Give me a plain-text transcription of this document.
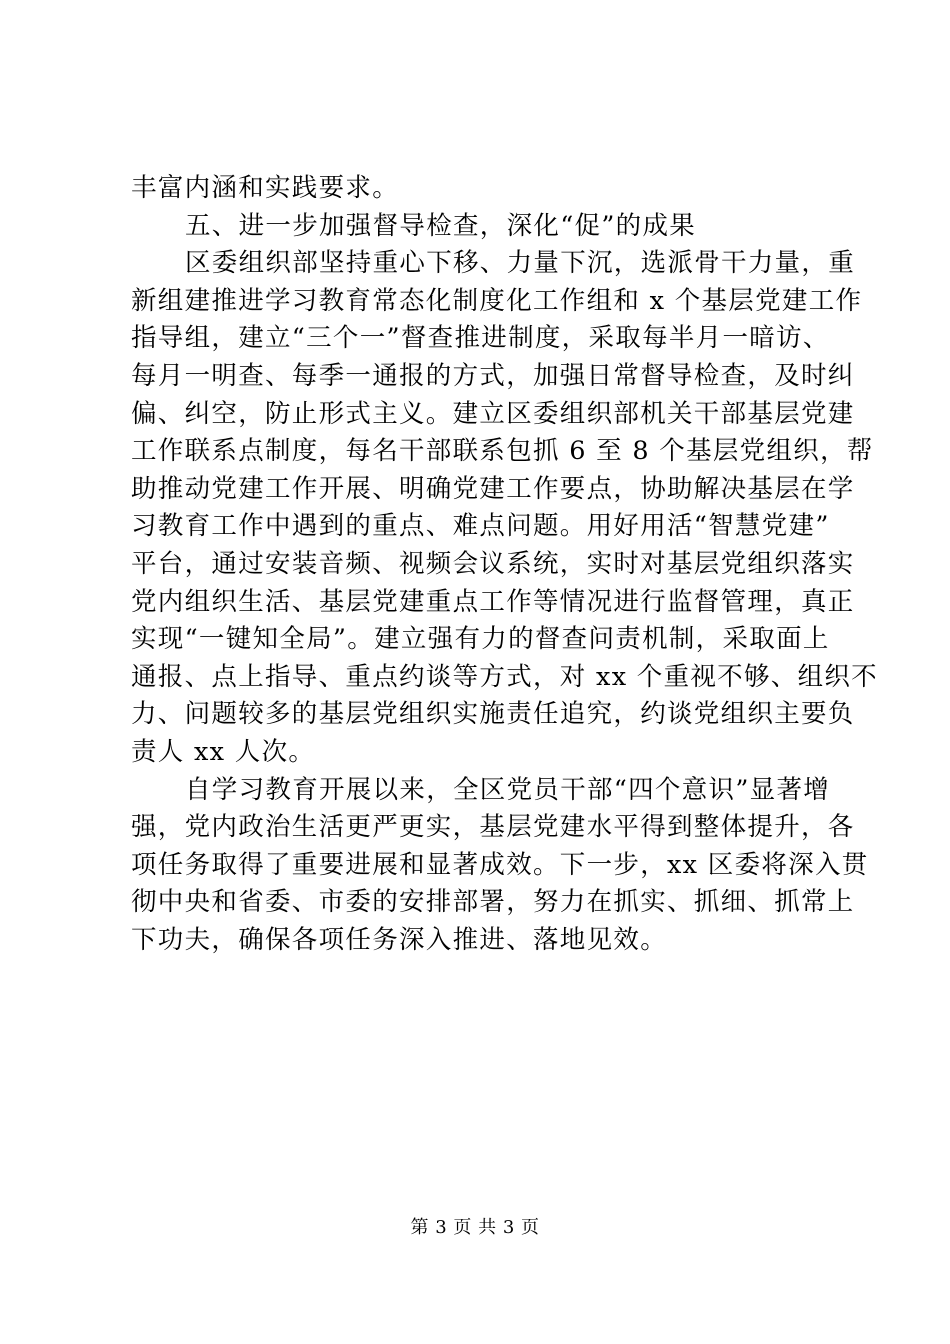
丰富内涵和实践要求。
五、进一步加强督导检查，深化“促”的成果
区委组织部坚持重心下移、力量下沉，选派骨干力量，重
新组建推进学习教育常态化制度化工作组和 x 个基层党建工作
指导组，建立“三个一”督查推进制度，采取每半月一暗访、
每月一明查、每季一通报的方式，加强日常督导检查，及时纠
偏、纠空，防止形式主义。建立区委组织部机关干部基层党建
工作联系点制度，每名干部联系包抓 6 至 8 个基层党组织，帮
助推动党建工作开展、明确党建工作要点，协助解决基层在学
习教育工作中遇到的重点、难点问题。用好用活“智慧党建”
平台，通过安装音频、视频会议系统，实时对基层党组织落实
党内组织生活、基层党建重点工作等情况进行监督管理，真正
实现“一键知全局”。建立强有力的督查问责机制，采取面上
通报、点上指导、重点约谈等方式，对 xx 个重视不够、组织不
力、问题较多的基层党组织实施责任追究，约谈党组织主要负
责人 xx 人次。
自学习教育开展以来，全区党员干部“四个意识”显著增
强，党内政治生活更严更实，基层党建水平得到整体提升，各
项任务取得了重要进展和显著成效。下一步，xx 区委将深入贯
彻中央和省委、市委的安排部署，努力在抓实、抓细、抓常上
下功夫，确保各项任务深入推进、落地见效。
第 3 页 共 3 页
